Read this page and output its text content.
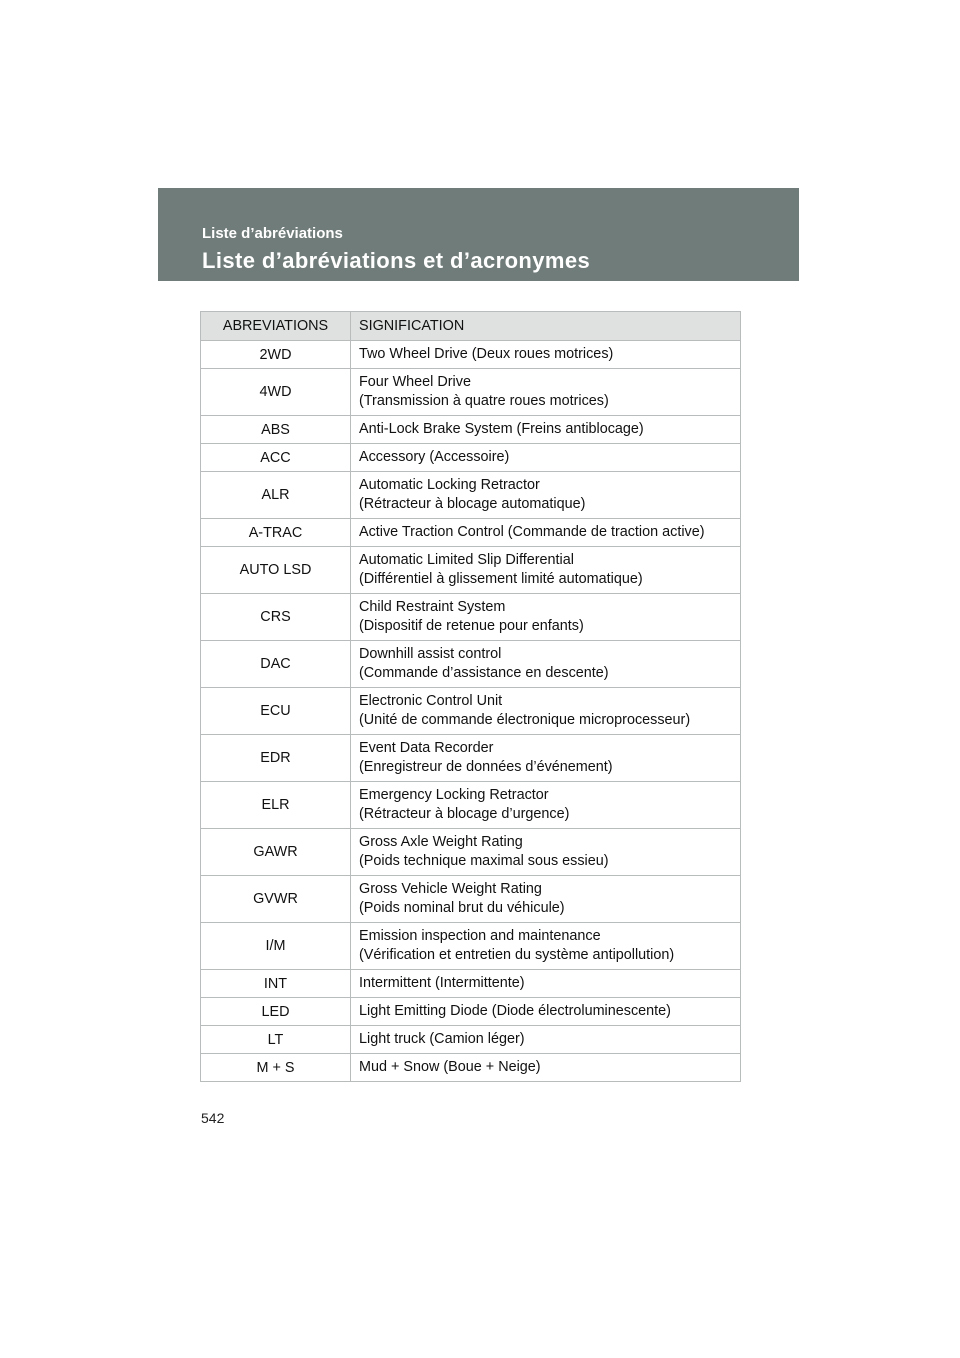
Liste d’abréviations
Liste d’abréviations et d’acronymes
ABREVIATIONS	SIGNIFICATION
2WD	Two Wheel Drive (Deux roues motrices)

4WD	Four Wheel Drive
(Transmission à quatre roues motrices)

ABS	Anti-Lock Brake System (Freins antiblocage)

ACC	Accessory (Accessoire)

ALR	Automatic Locking Retractor
(Rétracteur à blocage automatique)

A-TRAC	Active Traction Control (Commande de traction active)

AUTO LSD	Automatic Limited Slip Differential
(Différentiel à glissement limité automatique)

CRS	Child Restraint System
(Dispositif de retenue pour enfants)

DAC	Downhill assist control
(Commande d’assistance en descente)

ECU	Electronic Control Unit
(Unité de commande électronique microprocesseur)

EDR	Event Data Recorder
(Enregistreur de données d’événement)

ELR	Emergency Locking Retractor
(Rétracteur à blocage d’urgence)

GAWR	Gross Axle Weight Rating
(Poids technique maximal sous essieu)

GVWR	Gross Vehicle Weight Rating
(Poids nominal brut du véhicule)

I/M	Emission inspection and maintenance
(Vérification et entretien du système antipollution)

INT	Intermittent (Intermittente)

LED	Light Emitting Diode (Diode électroluminescente)

LT	Light truck (Camion léger)

M + S	Mud + Snow (Boue + Neige)
542
